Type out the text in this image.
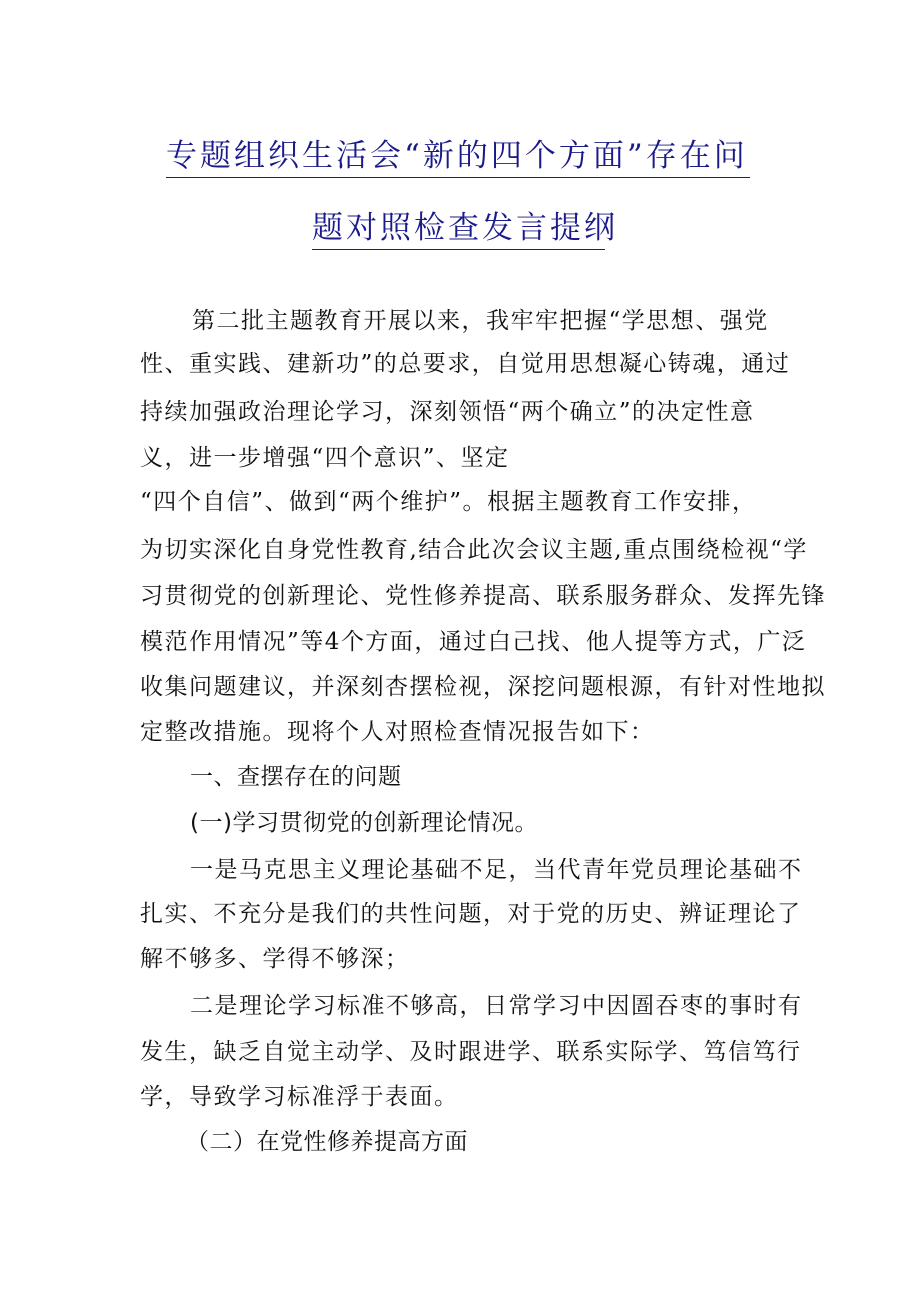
专题组织生活会“新的四个方面”存在问
题对照检查发言提纲
第二批主题教育开展以来，我牢牢把握“学思想、强党
性、重实践、建新功”的总要求，自觉用思想凝心铸魂，通过
持续加强政治理论学习，深刻领悟“两个确立”的决定性意
义，进一步增强“四个意识”、坚定
“四个自信”、做到“两个维护”。根据主题教育工作安排，
为切实深化自身党性教育,结合此次会议主题,重点围绕检视“学
习贯彻党的创新理论、党性修养提高、联系服务群众、发挥先锋
模范作用情况”等4个方面，通过白己找、他人提等方式，广泛
收集问题建议，并深刻杏摆检视，深挖问题根源，有针对性地拟
定整改措施。现将个人对照检查情况报告如下：
一、查摆存在的问题
(一)学习贯彻党的创新理论情况。
一是马克思主义理论基础不足，当代青年党员理论基础不
扎实、不充分是我们的共性问题，对于党的历史、辨证理论了
解不够多、学得不够深；
二是理论学习标准不够高，日常学习中因圄吞枣的事时有
发生，缺乏自觉主动学、及时跟进学、联系实际学、笃信笃行
学，导致学习标准浮于表面。
（二）在党性修养提高方面
